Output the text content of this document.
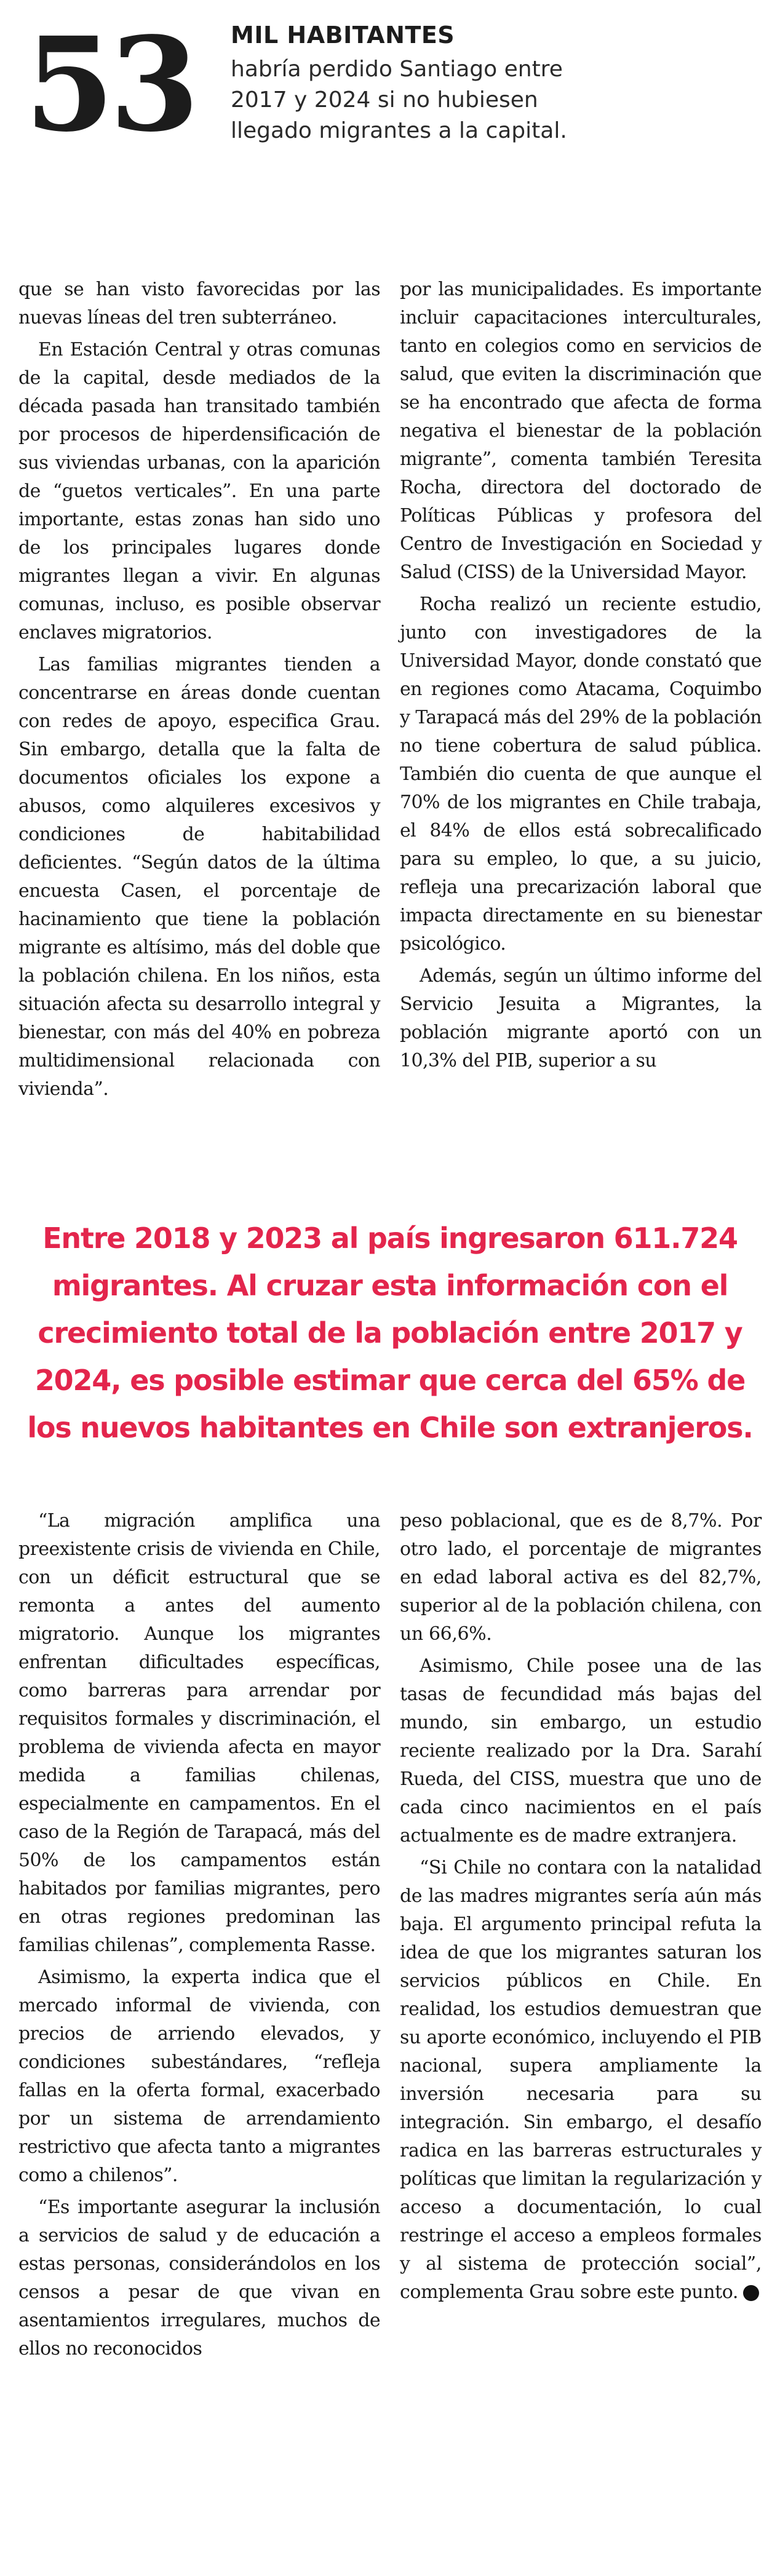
53	MIL HABITANTES
habría perdido Santiago entre 2017 y 2024 si no hubiesen llegado migrantes a la capital.

que se han visto favorecidas por las nuevas líneas del tren subterráneo.

En Estación Central y otras comunas de la capital, desde mediados de la década pasada han transitado también por procesos de hiperdensificación de sus viviendas urbanas, con la aparición de “guetos verticales”. En una parte importante, estas zonas han sido uno de los principales lugares donde migrantes llegan a vivir. En algunas comunas, incluso, es posible observar enclaves migratorios.

Las familias migrantes tienden a concentrarse en áreas donde cuentan con redes de apoyo, especifica Grau. Sin embargo, detalla que la falta de documentos oficiales los expone a abusos, como alquileres excesivos y condiciones de habitabilidad deficientes. “Según datos de la última encuesta Casen, el porcentaje de hacinamiento que tiene la población migrante es altísimo, más del doble que la población chilena. En los niños, esta situación afecta su desarrollo integral y bienestar, con más del 40% en pobreza multidimensional relacionada con vivienda”.

por las municipalidades. Es importante incluir capacitaciones interculturales, tanto en colegios como en servicios de salud, que eviten la discriminación que se ha encontrado que afecta de forma negativa el bienestar de la población migrante”, comenta también Teresita Rocha, directora del doctorado de Políticas Públicas y profesora del Centro de Investigación en Sociedad y Salud (CISS) de la Universidad Mayor.

Rocha realizó un reciente estudio, junto con investigadores de la Universidad Mayor, donde constató que en regiones como Atacama, Coquimbo y Tarapacá más del 29% de la población no tiene cobertura de salud pública. También dio cuenta de que aunque el 70% de los migrantes en Chile trabaja, el 84% de ellos está sobrecalificado para su empleo, lo que, a su juicio, refleja una precarización laboral que impacta directamente en su bienestar psicológico.

Además, según un último informe del Servicio Jesuita a Migrantes, la población migrante aportó con un 10,3% del PIB, superior a su

Entre 2018 y 2023 al país ingresaron 611.724 migrantes. Al cruzar esta información con el crecimiento total de la población entre 2017 y 2024, es posible estimar que cerca del 65% de los nuevos habitantes en Chile son extranjeros.

“La migración amplifica una preexistente crisis de vivienda en Chile, con un déficit estructural que se remonta a antes del aumento migratorio. Aunque los migrantes enfrentan dificultades específicas, como barreras para arrendar por requisitos formales y discriminación, el problema de vivienda afecta en mayor medida a familias chilenas, especialmente en campamentos. En el caso de la Región de Tarapacá, más del 50% de los campamentos están habitados por familias migrantes, pero en otras regiones predominan las familias chilenas”, complementa Rasse.

Asimismo, la experta indica que el mercado informal de vivienda, con precios de arriendo elevados, y condiciones subestándares, “refleja fallas en la oferta formal, exacerbado por un sistema de arrendamiento restrictivo que afecta tanto a migrantes como a chilenos”.

“Es importante asegurar la inclusión a servicios de salud y de educación a estas personas, considerándolos en los censos a pesar de que vivan en asentamientos irregulares, muchos de ellos no reconocidos

peso poblacional, que es de 8,7%. Por otro lado, el porcentaje de migrantes en edad laboral activa es del 82,7%, superior al de la población chilena, con un 66,6%.

Asimismo, Chile posee una de las tasas de fecundidad más bajas del mundo, sin embargo, un estudio reciente realizado por la Dra. Sarahí Rueda, del CISS, muestra que uno de cada cinco nacimientos en el país actualmente es de madre extranjera.

“Si Chile no contara con la natalidad de las madres migrantes sería aún más baja. El argumento principal refuta la idea de que los migrantes saturan los servicios públicos en Chile. En realidad, los estudios demuestran que su aporte económico, incluyendo el PIB nacional, supera ampliamente la inversión necesaria para su integración. Sin embargo, el desafío radica en las barreras estructurales y políticas que limitan la regularización y acceso a documentación, lo cual restringe el acceso a empleos formales y al sistema de protección social”, complementa Grau sobre este punto.
